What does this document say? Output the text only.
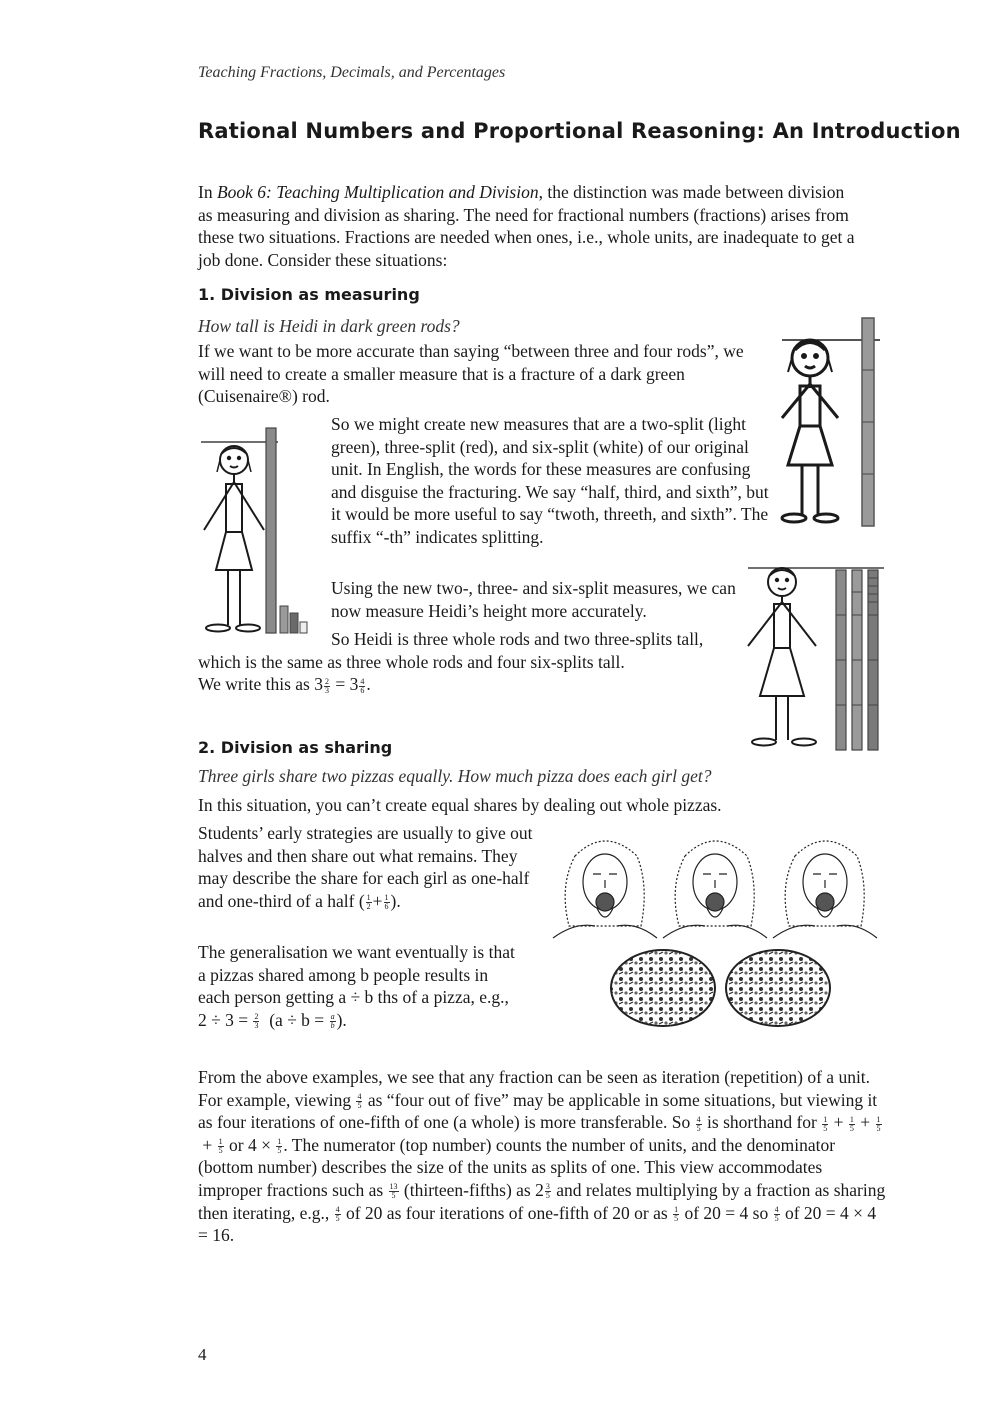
Teaching Fractions, Decimals, and Percentages
Rational Numbers and Proportional Reasoning: An Introduction
In Book 6: Teaching Multiplication and Division, the distinction was made between division as measuring and division as sharing. The need for fractional numbers (fractions) arises from these two situations. Fractions are needed when ones, i.e., whole units, are inadequate to get a job done. Consider these situations:
1. Division as measuring
How tall is Heidi in dark green rods?
If we want to be more accurate than saying “between three and four rods”, we will need to create a smaller measure that is a fracture of a dark green (Cuisenaire®) rod.
So we might create new measures that are a two-split (light green), three-split (red), and six-split (white) of our original unit. In English, the words for these measures are confusing and disguise the fracturing. We say “half, third, and sixth”, but it would be more useful to say “twoth, threeth, and sixth”. The suffix “-th” indicates splitting.
Using the new two-, three- and six-split measures, we can now measure Heidi’s height more accurately.
So Heidi is three whole rods and two three-splits tall, which is the same as three whole rods and four six-splits tall.
We write this as $3 \frac{2}{3} = 3 \frac{4}{6}$ .
2. Division as sharing
Three girls share two pizzas equally. How much pizza does each girl get?
In this situation, you can’t create equal shares by dealing out whole pizzas.
Students’ early strategies are usually to give out halves and then share out what remains. They may describe the share for each girl as one-half and one-third of a half ( $\frac{1}{2} + \frac{1}{6}$ ).
The generalisation we want eventually is that a pizzas shared among b people results in each person getting a ÷ b ths of a pizza, e.g., $2 \div 3 = \frac{2}{3} (a \div b = \frac{a}{b}$ ).
From the above examples, we see that any fraction can be seen as iteration (repetition) of a unit. For example, viewing $\frac{4}{5}$ as “four out of five” may be applicable in some situations, but viewing it as four iterations of one-fifth of one (a whole) is more transferable. So $\frac{4}{5}$ is shorthand for $\frac{1}{5} + \frac{1}{5} + \frac{1}{5}$
+ $\frac{1}{5}$ or $4 \times \frac{1}{5}$ . The numerator (top number) counts the number of units, and the denominator (bottom number) describes the size of the units as splits of one. This view accommodates improper fractions such as $\frac{13}{5}$ (thirteen-fifths) as $2 \frac{3}{5}$ and relates multiplying by a fraction as sharing then iterating, e.g., $\frac{4}{5}$ of 20 as four iterations of one-fifth of 20 or as $\frac{1}{5}$ of 20 = 4 so $\frac{4}{5}$ of 20 = 4 × 4 = 16.
4
